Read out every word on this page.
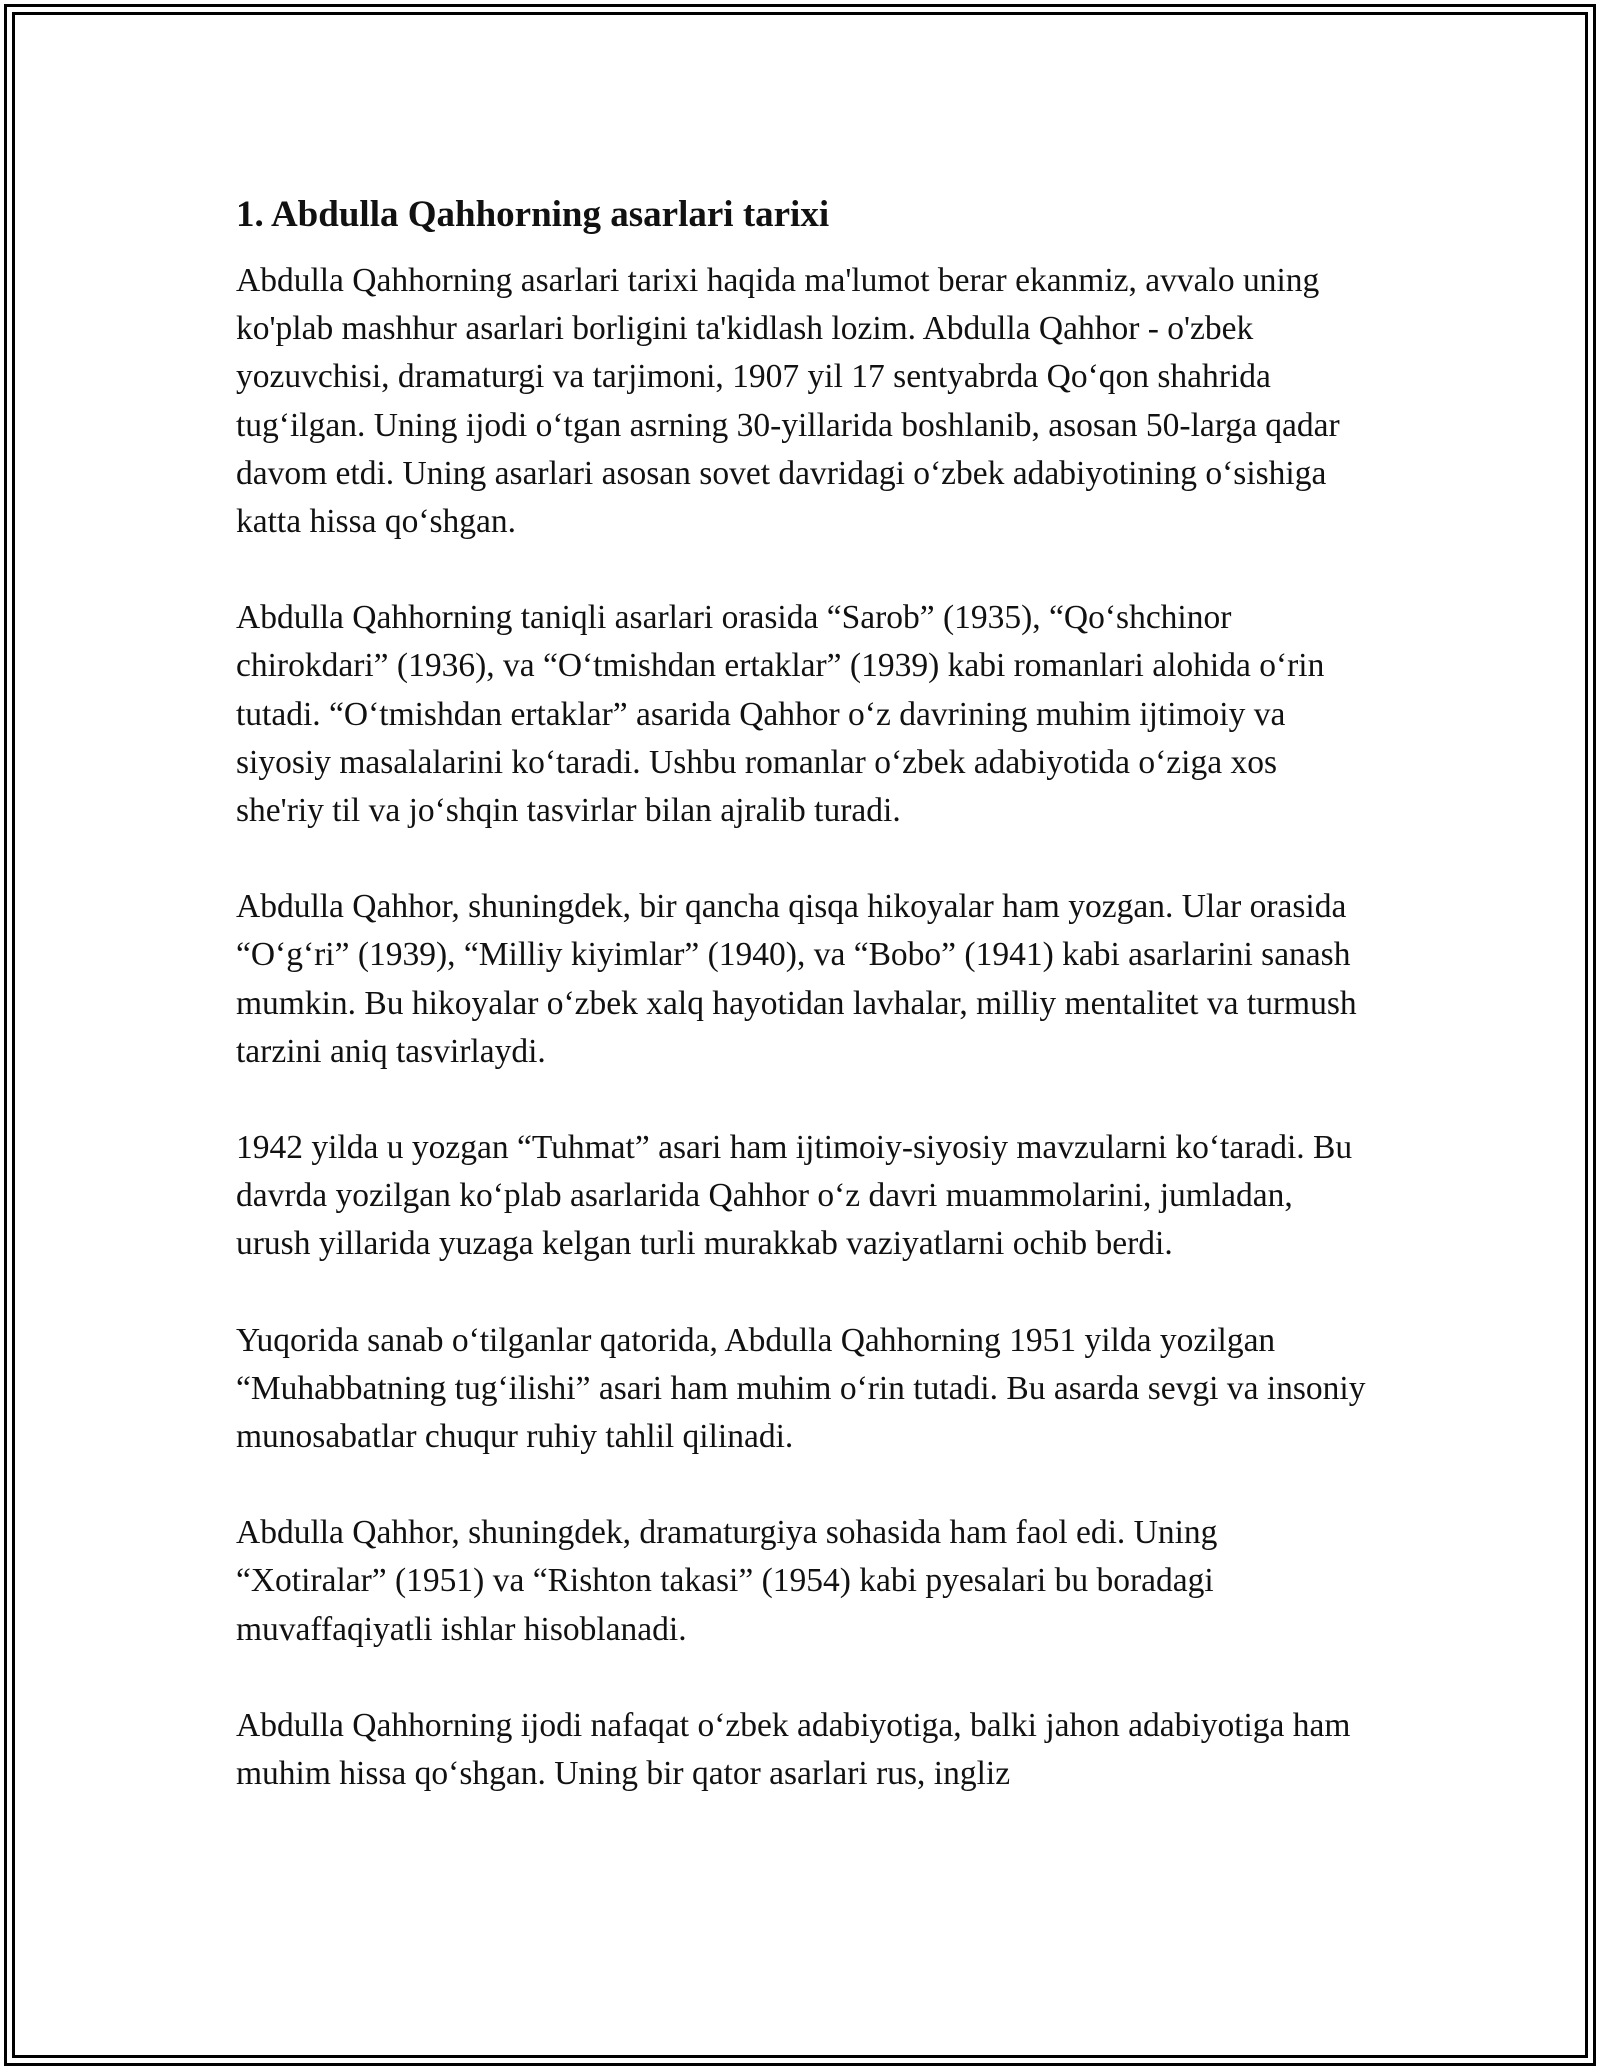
1. Abdulla Qahhorning asarlari tarixi

Abdulla Qahhorning asarlari tarixi haqida ma'lumot berar ekanmiz, avvalo uning ko'plab mashhur asarlari borligini ta'kidlash lozim. Abdulla Qahhor - o'zbek yozuvchisi, dramaturgi va tarjimoni, 1907 yil 17 sentyabrda Qo‘qon shahrida tug‘ilgan. Uning ijodi o‘tgan asrning 30-yillarida boshlanib, asosan 50-larga qadar davom etdi. Uning asarlari asosan sovet davridagi o‘zbek adabiyotining o‘sishiga katta hissa qo‘shgan.

Abdulla Qahhorning taniqli asarlari orasida “Sarob” (1935), “Qo‘shchinor chirokdari” (1936), va “O‘tmishdan ertaklar” (1939) kabi romanlari alohida o‘rin tutadi. “O‘tmishdan ertaklar” asarida Qahhor o‘z davrining muhim ijtimoiy va siyosiy masalalarini ko‘taradi. Ushbu romanlar o‘zbek adabiyotida o‘ziga xos she'riy til va jo‘shqin tasvirlar bilan ajralib turadi.

Abdulla Qahhor, shuningdek, bir qancha qisqa hikoyalar ham yozgan. Ular orasida “O‘g‘ri” (1939), “Milliy kiyimlar” (1940), va “Bobo” (1941) kabi asarlarini sanash mumkin. Bu hikoyalar o‘zbek xalq hayotidan lavhalar, milliy mentalitet va turmush tarzini aniq tasvirlaydi.

1942 yilda u yozgan “Tuhmat” asari ham ijtimoiy-siyosiy mavzularni ko‘taradi. Bu davrda yozilgan ko‘plab asarlarida Qahhor o‘z davri muammolarini, jumladan, urush yillarida yuzaga kelgan turli murakkab vaziyatlarni ochib berdi.

Yuqorida sanab o‘tilganlar qatorida, Abdulla Qahhorning 1951 yilda yozilgan “Muhabbatning tug‘ilishi” asari ham muhim o‘rin tutadi. Bu asarda sevgi va insoniy munosabatlar chuqur ruhiy tahlil qilinadi.

Abdulla Qahhor, shuningdek, dramaturgiya sohasida ham faol edi. Uning “Xotiralar” (1951) va “Rishton takasi” (1954) kabi pyesalari bu boradagi muvaffaqiyatli ishlar hisoblanadi.

Abdulla Qahhorning ijodi nafaqat o‘zbek adabiyotiga, balki jahon adabiyotiga ham muhim hissa qo‘shgan. Uning bir qator asarlari rus, ingliz
